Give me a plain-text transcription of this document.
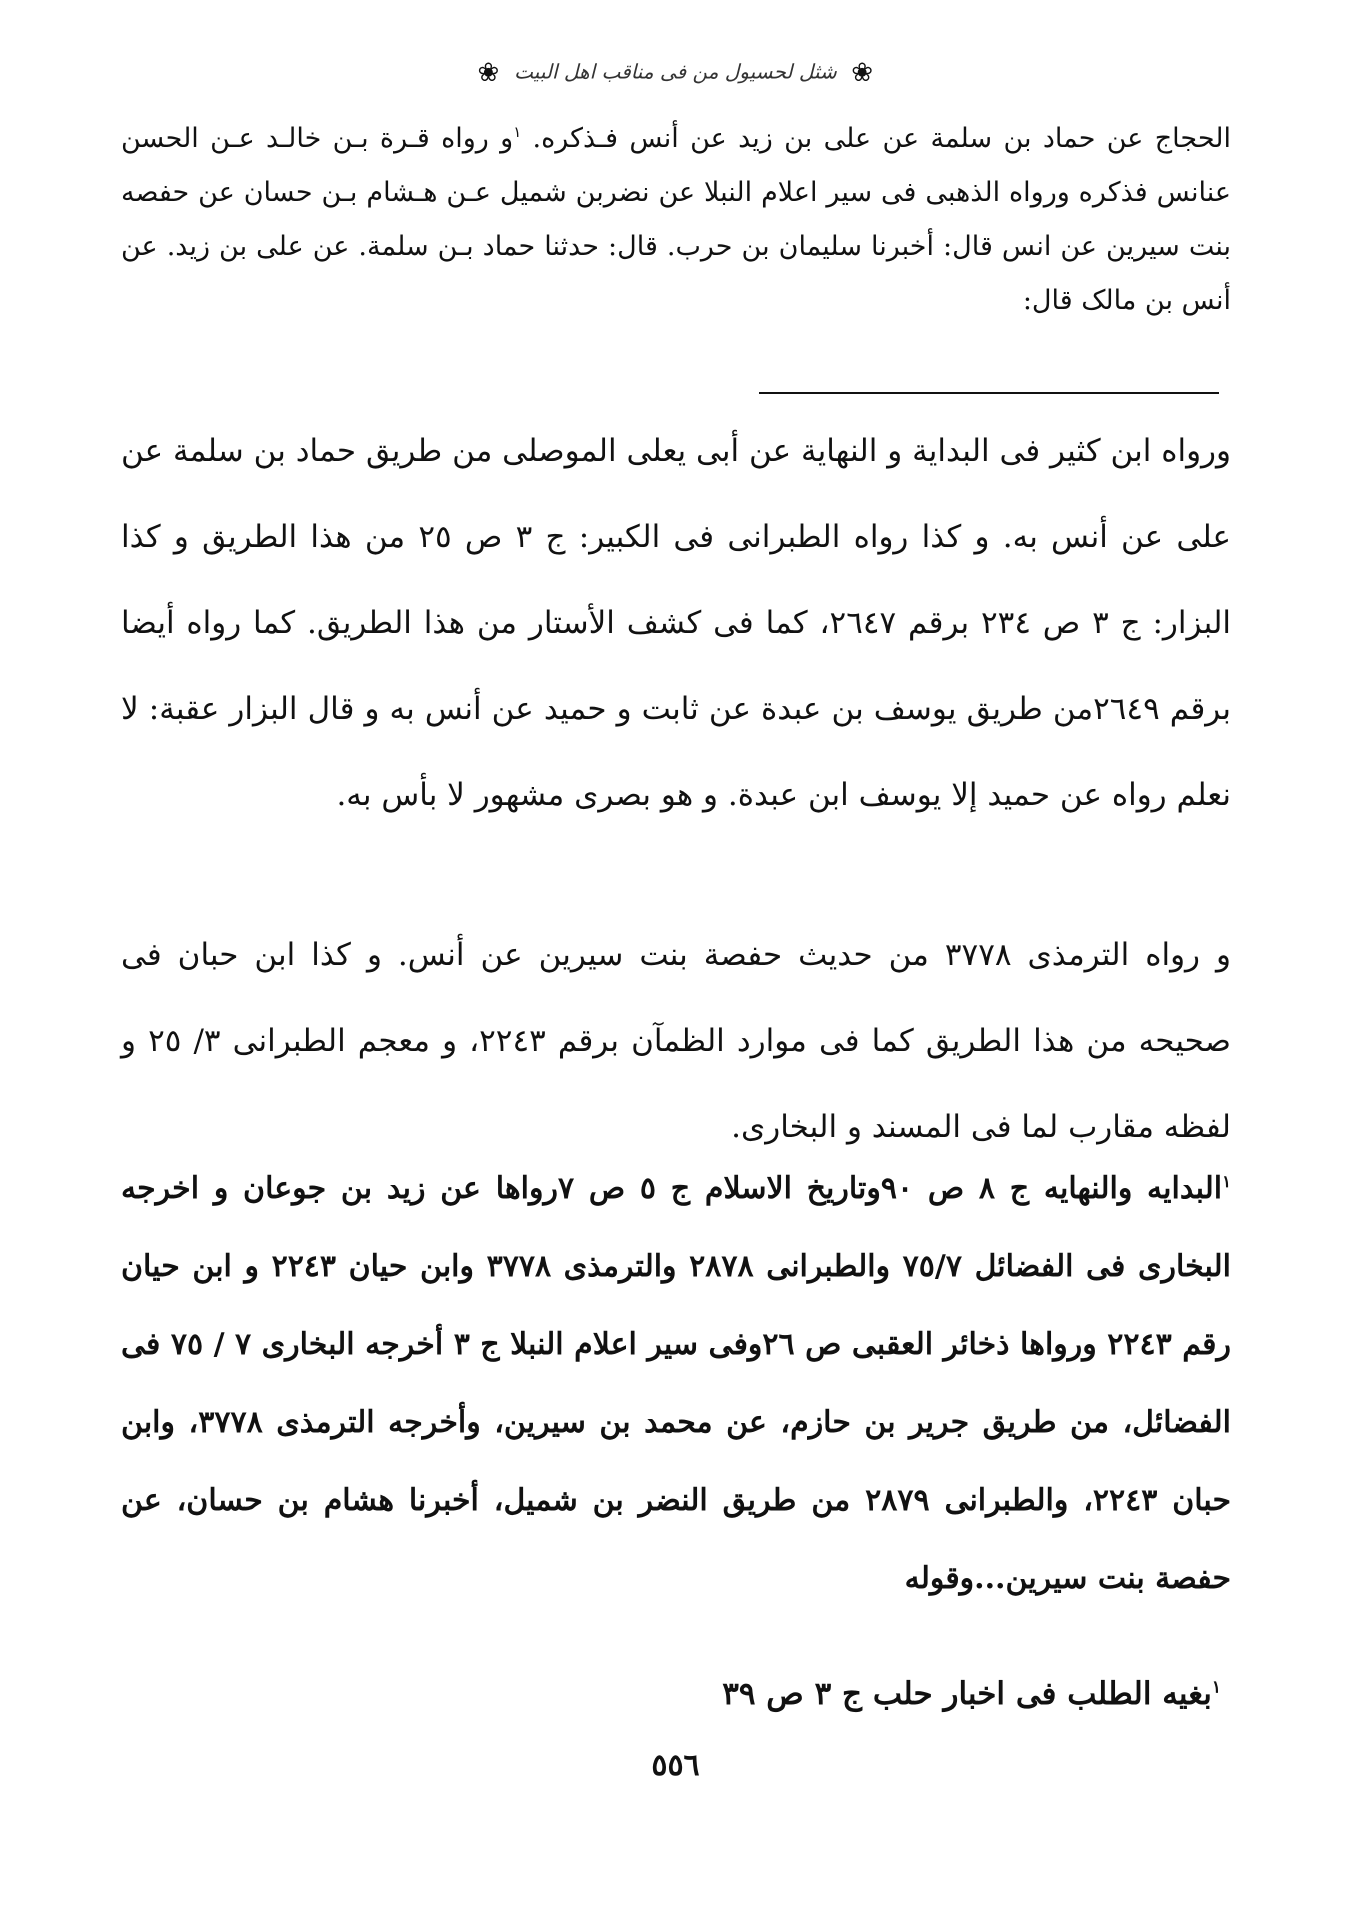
❀ شثل لحسیول من فی مناقب اهل البیت ❀
الحجاج عن حماد بن سلمة عن على بن زيد عن أنس فـذكره. $^١$و رواه قـرة بـن خالـد عـن الحسن عنانس فذكره ورواه الذهبی فی سیر اعلام النبلا عن نضربن شميل عـن هـشام بـن حسان عن حفصه بنت سيرين عن انس قال: أخبرنا سليمان بن حرب. قال: حدثنا حماد بـن سلمة. عن على بن زيد. عن أنس بن مالک قال:
ورواه ابن كثير فى البداية و النهاية عن أبى يعلى الموصلى من طريق حماد بن سلمة عن على عن أنس به. و كذا رواه الطبرانى فى الكبير: ج ٣ ص ٢٥ من هذا الطريق و كذا البزار: ج ٣ ص ٢٣٤ برقم ٢٦٤٧، كما فى كشف الأستار من هذا الطريق. كما رواه أيضا برقم ٢٦٤٩من طريق يوسف بن عبدة عن ثابت و حميد عن أنس به و قال البزار عقبة: لا نعلم رواه عن حميد إلا يوسف ابن عبدة. و هو بصرى مشهور لا بأس به.
و رواه الترمذى ٣٧٧٨ من حديث حفصة بنت سيرين عن أنس. و كذا ابن حبان فى صحيحه من هذا الطريق كما فى موارد الظمآن برقم ٢٢٤٣، و معجم الطبرانى ٣/ ٢٥ و لفظه مقارب لما فى المسند و البخارى.
$^١$البدايه والنهايه ج ٨ ص ٩٠وتاريخ الاسلام ج ٥ ص ٧رواها عن زيد بن جوعان و اخرجه البخارى فى الفضائل ٧٥/٧ والطبرانى ٢٨٧٨ والترمذى ٣٧٧٨ وابن حيان ٢٢٤٣ و ابن حيان رقم ٢٢٤٣ ورواها ذخائر العقبى ص ٢٦وفى سير اعلام النبلا ج ٣ أخرجه البخارى ٧ / ٧٥ فى الفضائل، من طريق جرير بن حازم، عن محمد بن سيرين، وأخرجه الترمذى ٣٧٧٨، وابن حبان ٢٢٤٣، والطبرانى ٢٨٧٩ من طريق النضر بن شميل، أخبرنا هشام بن حسان، عن حفصة بنت سيرين...وقوله
$^١$بغيه الطلب فى اخبار حلب ج ٣ ص ٣٩
٥٥٦
